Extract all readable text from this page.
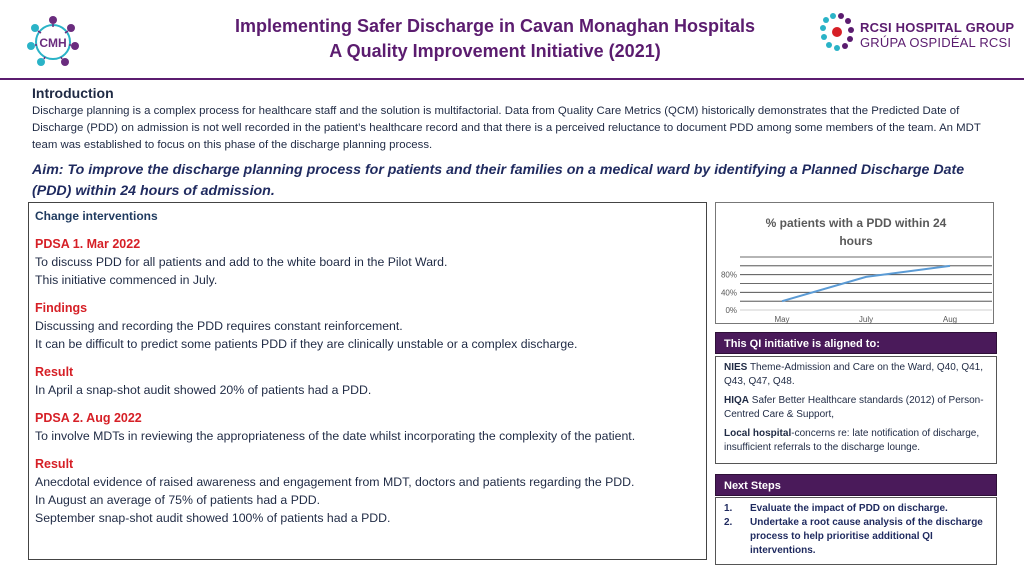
CMH
Implementing Safer Discharge in Cavan Monaghan Hospitals
A Quality Improvement Initiative (2021)
RCSI HOSPITAL GROUP
GRÚPA OSPIDÉAL RCSI
Introduction
Discharge planning is a complex process for healthcare staff and the solution is multifactorial. Data from Quality Care Metrics (QCM) historically demonstrates that the Predicted Date of Discharge (PDD) on admission is not well recorded in the patient’s healthcare record and that there is a perceived reluctance to document PDD among some members of the team. An MDT team was established to focus on this phase of the discharge planning process.
Aim: To improve the discharge planning process for patients and their families on a medical ward by identifying a Planned Discharge Date (PDD) within 24 hours of admission.
Change interventions
PDSA 1. Mar 2022
To discuss PDD for all patients and add to the white board in the Pilot Ward.
This initiative commenced in July.
Findings
Discussing and recording the PDD requires constant reinforcement.
It can be difficult to predict some patients PDD if they are clinically unstable or a complex discharge.
Result
In April a snap-shot audit showed 20% of patients had a PDD.
PDSA 2. Aug 2022
To involve MDTs in reviewing the appropriateness of the date whilst incorporating the complexity of the patient.
Result
Anecdotal evidence of raised awareness and engagement from MDT, doctors and patients regarding the PDD.
In August an average of 75% of patients had a PDD.
September snap-shot audit showed 100% of patients had a PDD.
% patients with a PDD within 24
hours
0%
40%
80%
May	July	Aug
This QI initiative is aligned to:

NIES Theme-Admission and Care on the Ward, Q40, Q41, Q43, Q47, Q48.

HIQA Safer Better Healthcare standards (2012) of Person-Centred Care & Support,

Local hospital-concerns re: late notification of discharge, insufficient referrals to the discharge lounge.

Next Steps
1.	Evaluate the impact of PDD on discharge.
2.	Undertake a root cause analysis of the discharge process to help prioritise additional QI interventions.
